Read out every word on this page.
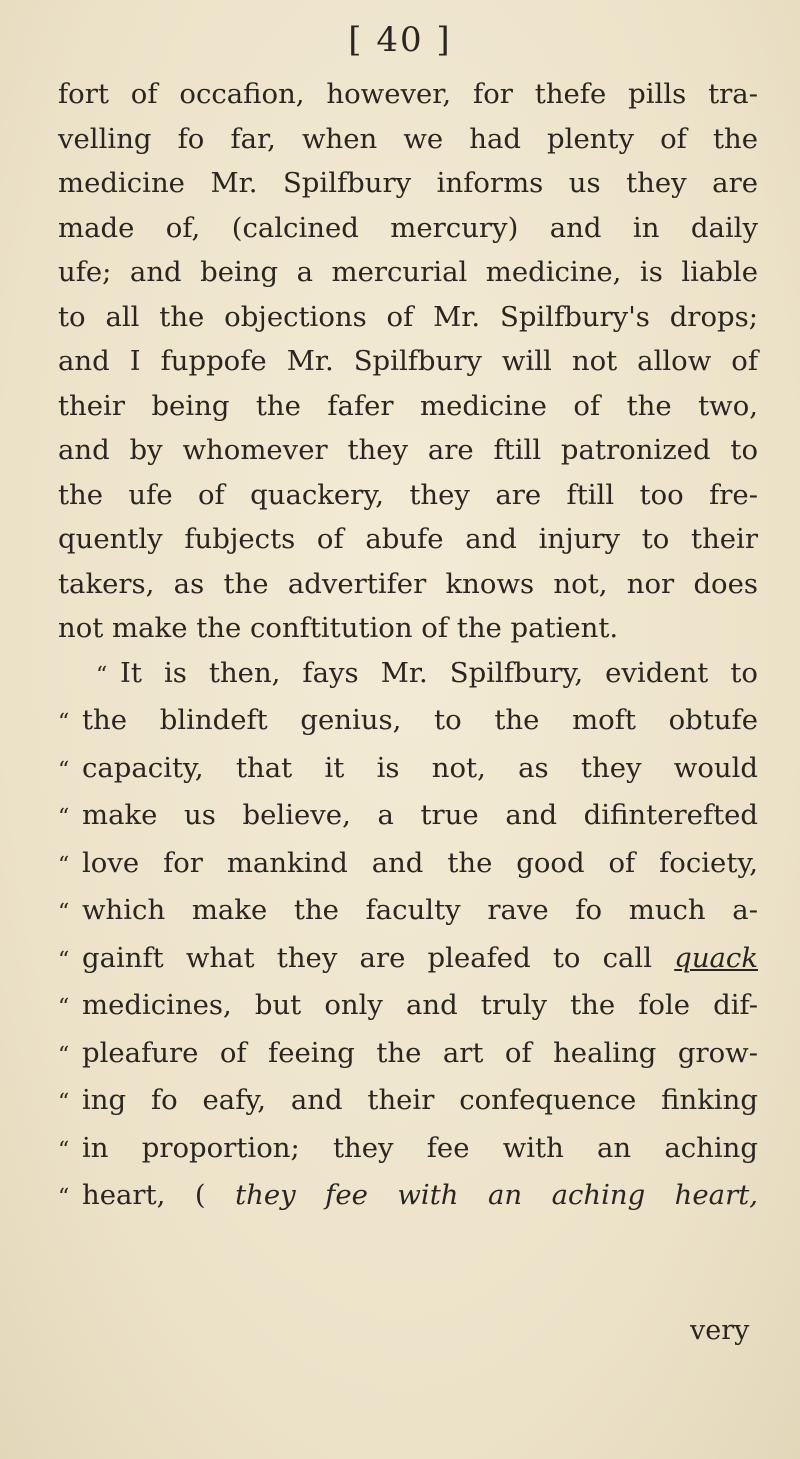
[ 40 ]
fort of occafion, however, for thefe pills tra-
velling fo far, when we had plenty of the
medicine Mr. Spilfbury informs us they are
made of, (calcined mercury) and in daily
ufe; and being a mercurial medicine, is liable
to all the objections of Mr. Spilfbury's drops;
and I fuppofe Mr. Spilfbury will not allow of
their being the fafer medicine of the two,
and by whomever they are ftill patronized to
the ufe of quackery, they are ftill too fre-
quently fubjects of abufe and injury to their
takers, as the advertifer knows not, nor does
not make the conftitution of the patient.
“ It is then, fays Mr. Spilfbury, evident to
“ the blindeft genius, to the moft obtufe
“ capacity, that it is not, as they would
“ make us believe, a true and difinterefted
“ love for mankind and the good of fociety,
“ which make the faculty rave fo much a-
“ gainft what they are pleafed to call quack
“ medicines, but only and truly the fole dif-
“ pleafure of feeing the art of healing grow-
“ ing fo eafy, and their confequence finking
“ in proportion; they fee with an aching
“ heart, ( they fee with an aching heart,
very
